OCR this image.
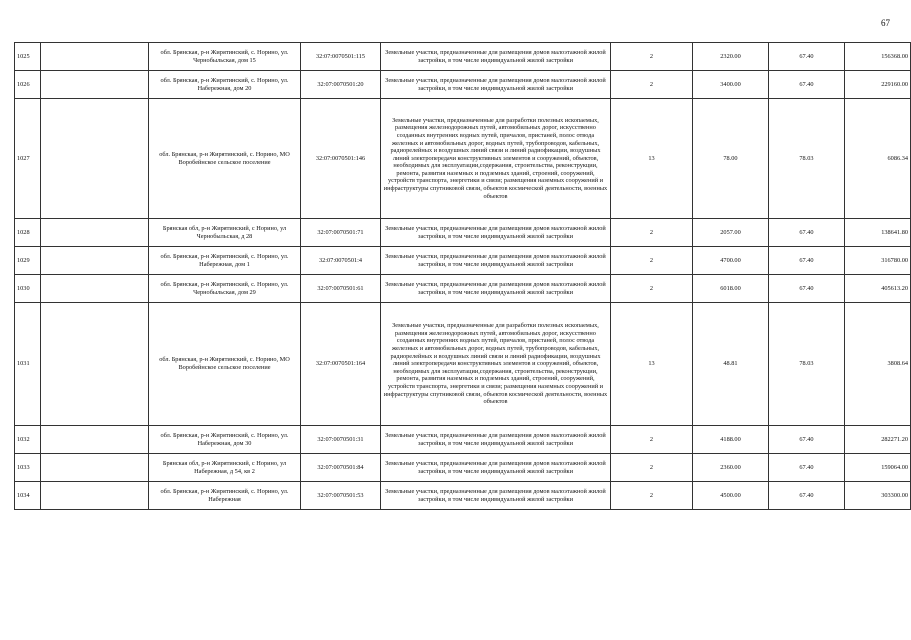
67
1025		обл. Брянская, р-н Жирятинский, с. Норино, ул. Чернобыльская, дом 15	32:07:0070501:115	Земельные участки, предназначенные для размещения домов малоэтажной жилой застройки, в том числе индивидуальной жилой застройки	2	2320.00	67.40	156368.00
1026		обл. Брянская, р-н Жирятинский, с. Норино, ул. Набережная, дом 20	32:07:0070501:20	Земельные участки, предназначенные для размещения домов малоэтажной жилой застройки, в том числе индивидуальной жилой застройки	2	3400.00	67.40	229160.00
1027		обл. Брянская, р-н Жирятинский, с. Норино, МО Воробейнское сельское поселение	32:07:0070501:146	Земельные участки, предназначенные для разработки полезных ископаемых, размещения железнодорожных путей, автомобильных дорог, искусственно созданных внутренних водных путей, причалов, пристаней, полос отвода железных и автомобильных дорог, водных путей, трубопроводов, кабельных, радиорелейных и воздушных линий связи и линий радиофикации, воздушных линий электропередачи конструктивных элементов и сооружений, объектов, необходимых для эксплуатации,содержания, строительства, реконструкции, ремонта, развития наземных и подземных зданий, строений, сооружений, устройств транспорта, энергетики и связи; размещения наземных сооружений и инфраструктуры спутниковой связи, объектов космической деятельности, военных объектов	13	78.00	78.03	6086.34
1028		Брянская обл, р-н Жирятинский, с Норино, ул Чернобыльская, д 28	32:07:0070501:71	Земельные участки, предназначенные для размещения домов малоэтажной жилой застройки, в том числе индивидуальной жилой застройки	2	2057.00	67.40	138641.80
1029		обл. Брянская, р-н Жирятинский, с. Норино, ул. Набережная, дом 1	32:07:0070501:4	Земельные участки, предназначенные для размещения домов малоэтажной жилой застройки, в том числе индивидуальной жилой застройки	2	4700.00	67.40	316780.00
1030		обл. Брянская, р-н Жирятинский, с. Норино, ул. Чернобыльская, дом 29	32:07:0070501:61	Земельные участки, предназначенные для размещения домов малоэтажной жилой застройки, в том числе индивидуальной жилой застройки	2	6018.00	67.40	405613.20
1031		обл. Брянская, р-н Жирятинский, с. Норино, МО Воробейнское сельское поселение	32:07:0070501:164	Земельные участки, предназначенные для разработки полезных ископаемых, размещения железнодорожных путей, автомобильных дорог, искусственно созданных внутренних водных путей, причалов, пристаней, полос отвода железных и автомобильных дорог, водных путей, трубопроводов, кабельных, радиорелейных и воздушных линий связи и линий радиофикации, воздушных линий электропередачи конструктивных элементов и сооружений, объектов, необходимых для эксплуатации,содержания, строительства, реконструкции, ремонта, развития наземных и подземных зданий, строений, сооружений, устройств транспорта, энергетики и связи; размещения наземных сооружений и инфраструктуры спутниковой связи, объектов космической деятельности, военных объектов	13	48.81	78.03	3808.64
1032		обл. Брянская, р-н Жирятинский, с. Норино, ул. Набережная, дом 30	32:07:0070501:31	Земельные участки, предназначенные для размещения домов малоэтажной жилой застройки, в том числе индивидуальной жилой застройки	2	4188.00	67.40	282271.20
1033		Брянская обл, р-н Жирятинский, с Норино, ул Набережная, д 54, кв 2	32:07:0070501:84	Земельные участки, предназначенные для размещения домов малоэтажной жилой застройки, в том числе индивидуальной жилой застройки	2	2360.00	67.40	159064.00
1034		обл. Брянская, р-н Жирятинский, с. Норино, ул. Набережная	32:07:0070501:53	Земельные участки, предназначенные для размещения домов малоэтажной жилой застройки, в том числе индивидуальной жилой застройки	2	4500.00	67.40	303300.00
